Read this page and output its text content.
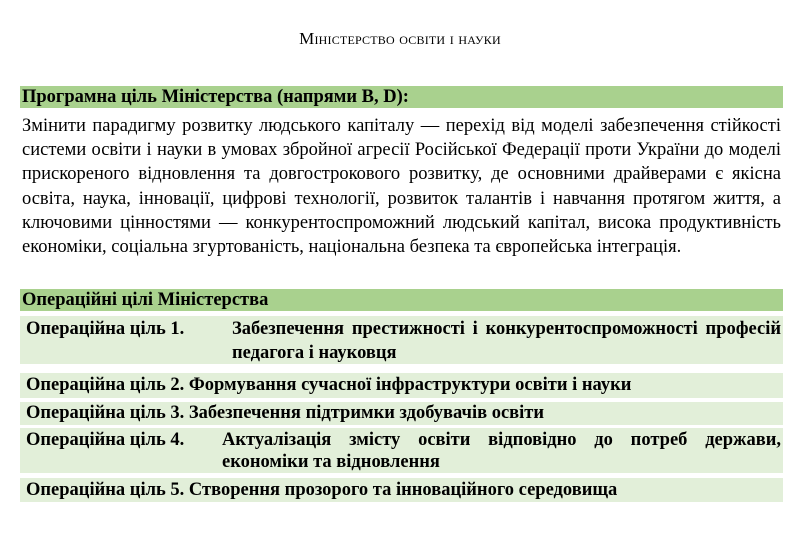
Міністерство освіти і науки
Програмна ціль Міністерства (напрями B, D):

Змінити парадигму розвитку людського капіталу — перехід від моделі забезпечення стійкості системи освіти і науки в умовах збройної агресії Російської Федерації проти України до моделі прискореного відновлення та довгострокового розвитку, де основними драйверами є якісна освіта, наука, інновації, цифрові технології, розвиток талантів і навчання протягом життя, а ключовими цінностями — конкурентоспроможний людський капітал, висока продуктивність економіки, соціальна згуртованість, національна безпека та європейська інтеграція.

Операційні цілі Міністерства
Операційна ціль 1.	Забезпечення престижності і конкурентоспроможності професій педагога і науковця
Операційна ціль 2. Формування сучасної інфраструктури освіти і науки
Операційна ціль 3. Забезпечення підтримки здобувачів освіти
Операційна ціль 4.	Актуалізація змісту освіти відповідно до потреб держави, економіки та відновлення
Операційна ціль 5. Створення прозорого та інноваційного середовища
